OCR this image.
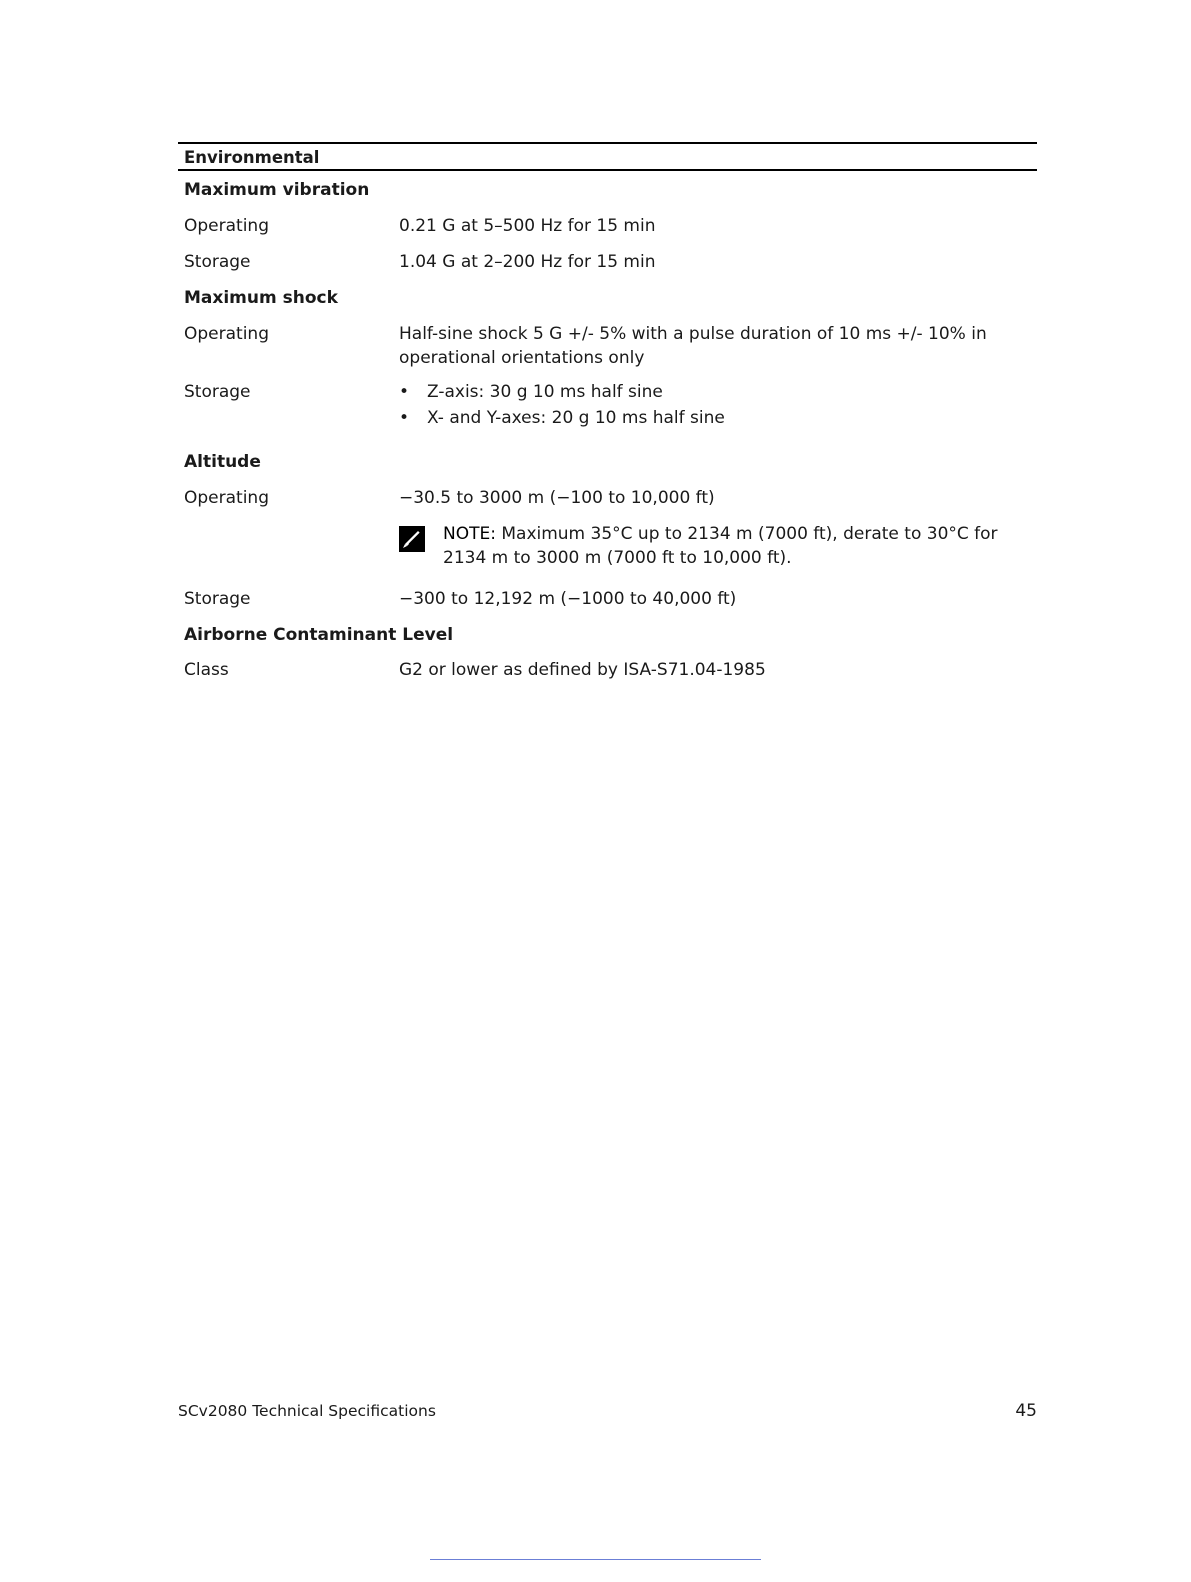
Environmental
Maximum vibration
Operating	0.21 G at 5–500 Hz for 15 min
Storage	1.04 G at 2–200 Hz for 15 min
Maximum shock
Operating	Half-sine shock 5 G +/- 5% with a pulse duration of 10 ms +/- 10% in operational orientations only
Storage	• Z-axis: 30 g 10 ms half sine
• X- and Y-axes: 20 g 10 ms half sine
Altitude
Operating	−30.5 to 3000 m (−100 to 10,000 ft)
NOTE: Maximum 35°C up to 2134 m (7000 ft), derate to 30°C for 2134 m to 3000 m (7000 ft to 10,000 ft).
Storage	−300 to 12,192 m (−1000 to 40,000 ft)
Airborne Contaminant Level
Class	G2 or lower as defined by ISA-S71.04-1985
SCv2080 Technical Specifications	45
